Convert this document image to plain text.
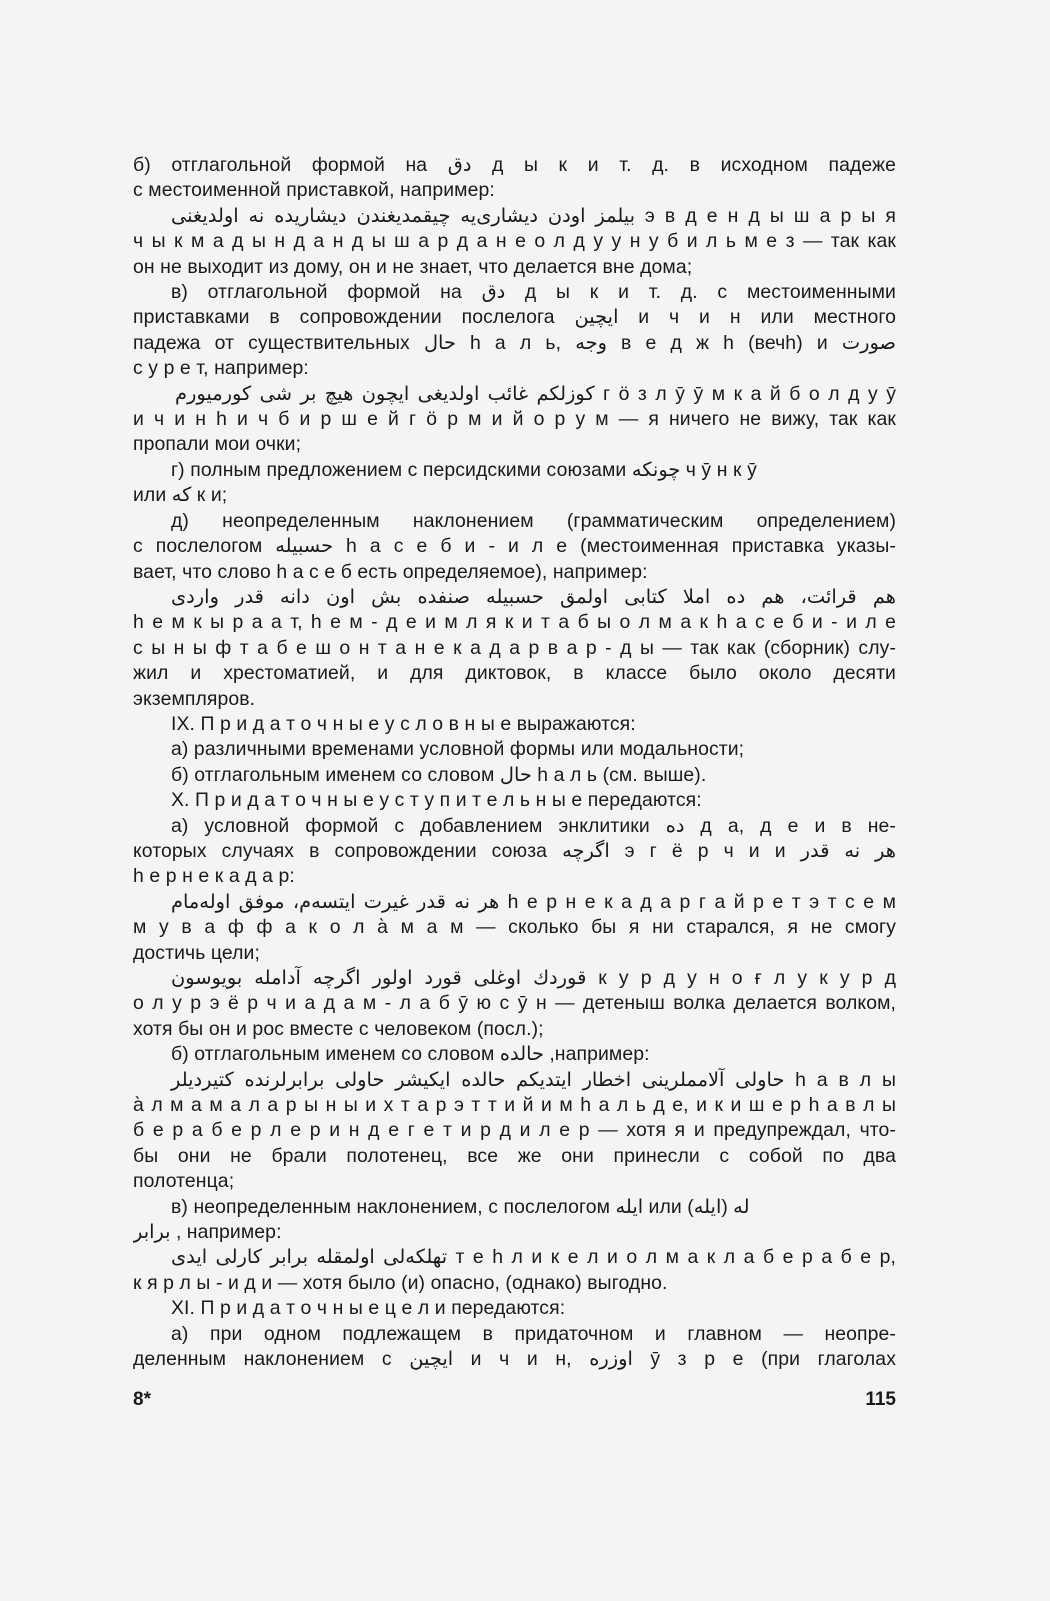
б) отглагольной формой на دق д ы к и т. д. в исходном падеже
с местоименной приставкой, например:
بیلمز اودن دیشاری‌یه چیقمدیغندن دیشاریده نه اولدیغنی э в д е н д ы ш а р ы я
ч ы к м а д ы н д а н д ы ш а р д а н е о л д у у н у б и л ь м е з — так как
он не выходит из дому, он и не знает, что делается вне дома;
в) отглагольной формой на دق д ы к и т. д. с местоименными
приставками в сопровождении послелога ایچین и ч и н или местного
падежа от существительных حال h а л ь, وجه в е д ж h (вечh) и صورت
с у р е т, например:
کوزلکم غائب اولدیغی ایچون هیچ بر شی کورمیورم г ö з л ӯ ӯ м к а й б о л д у ӯ
и ч и н h и ч б и р ш е й г ö р м и й о р у м — я ничего не вижу, так как
пропали мои очки;
г) полным предложением с персидскими союзами چونکه ч ӯ н к ӯ
или که к и;
д) неопределенным наклонением (грамматическим определением)
с послелогом حسبیله h а с е б и - и л е (местоименная приставка указы-
вает, что слово h а с е б есть определяемое), например:
هم قرائت، هم ده املا کتابی اولمق حسبیله صنفده بش اون دانه قدر واردی
h е м к ы р а а т, h е м - д е и м л я к и т а б ы о л м а к h а с е б и - и л е
с ы н ы ф т а б е ш о н т а н е к а д а р в а р - д ы — так как (сборник) слу-
жил и хрестоматией, и для диктовок, в классе было около десяти
экземпляров.
IX. П р и д а т о ч н ы е у с л о в н ы е выражаются:
а) различными временами условной формы или модальности;
б) отглагольным именем со словом حال h а л ь (см. выше).
X. П р и д а т о ч н ы е у с т у п и т е л ь н ы е передаются:
а) условной формой с добавлением энклитики ده д а, д е и в не-
которых случаях в сопровождении союза اگرچه э г ё р ч и и هر نه قدر
h е р н е к а д а р:
هر نه قدر غیرت ایتسه‌م، موفق اوله‌مام h е р н е к а д а р г а й р е т э т с е м
м у в а ф ф а к о л а̀ м а м — сколько бы я ни старался, я не смогу
достичь цели;
قوردك اوغلی قورد اولور اگرچه آدامله بویوسون к у р д у н о ғ л у к у р д
о л у р э ё р ч и а д а м - л а б ӯ ю с ӯ н — детеныш волка делается волком,
хотя бы он и рос вместе с человеком (посл.);
б) отглагольным именем со словом حالده ,например:
حاولی آلامملرینی اخطار ایتدیکم حالده ایکیشر حاولی برابرلرنده کتیردیلر h а в л ы
а̀ л м а м а л а р ы н ы и х т а р э т т и й и м h а л ь д е, и к и ш е р h а в л ы
б е р а б е р л е р и н д е г е т и р д и л е р — хотя я и предупреждал, что-
бы они не брали полотенец, все же они принесли с собой по два
полотенца;
в) неопределенным наклонением, с послелогом ایله или له (ایله)
برابر , например:
تهلکه‌لی اولمقله برابر کارلی ایدی т е h л и к е л и о л м а к л а б е р а б е р,
к я р л ы - и д и — хотя было (и) опасно, (однако) выгодно.
XI. П р и д а т о ч н ы е ц е л и передаются:
а) при одном подлежащем в придаточном и главном — неопре-
деленным наклонением с ایچین и ч и н, اوزره ӯ з р е (при глаголах
8*	115
